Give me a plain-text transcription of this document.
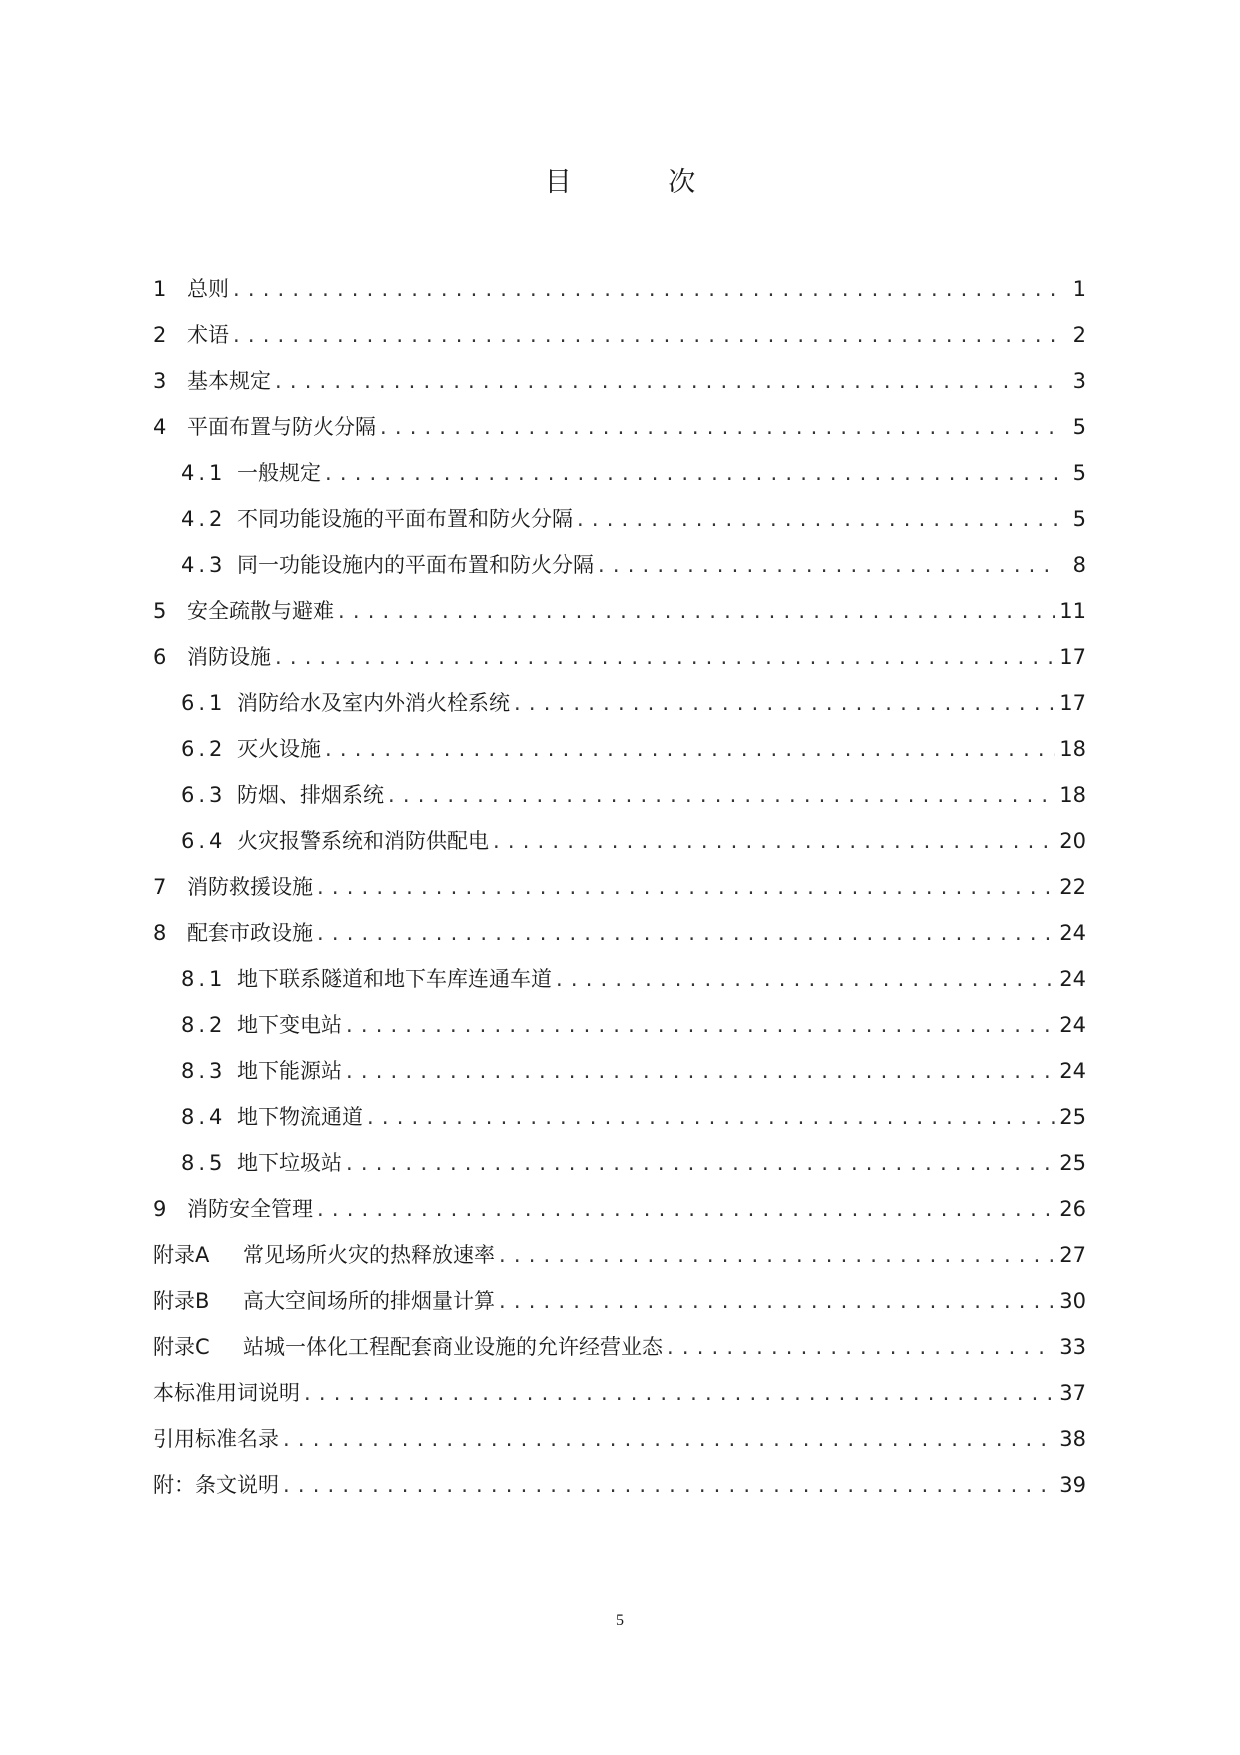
目 次
1 总则 . . .	1
2 术语 . . .	2
3 基本规定 . . .	3
4 平面布置与防火分隔 . . .	5
4.1 一般规定 . . .	5
4.2 不同功能设施的平面布置和防火分隔 . . .	5
4.3 同一功能设施内的平面布置和防火分隔 . . .	8
5 安全疏散与避难 . . .	11
6 消防设施 . . .	17
6.1 消防给水及室内外消火栓系统 . . .	17
6.2 灭火设施 . . .	18
6.3 防烟、排烟系统 . . .	18
6.4 火灾报警系统和消防供配电 . . .	20
7 消防救援设施 . . .	22
8 配套市政设施 . . .	24
8.1 地下联系隧道和地下车库连通车道 . . .	24
8.2 地下变电站 . . .	24
8.3 地下能源站 . . .	24
8.4 地下物流通道 . . .	25
8.5 地下垃圾站 . . .	25
9 消防安全管理 . . .	26
附录A	常见场所火灾的热释放速率 . . .	27
附录B	高大空间场所的排烟量计算 . . .	30
附录C	站城一体化工程配套商业设施的允许经营业态 . . .	33
本标准用词说明 . . .	37
引用标准名录 . . .	38
附：条文说明 . . .	39
5
